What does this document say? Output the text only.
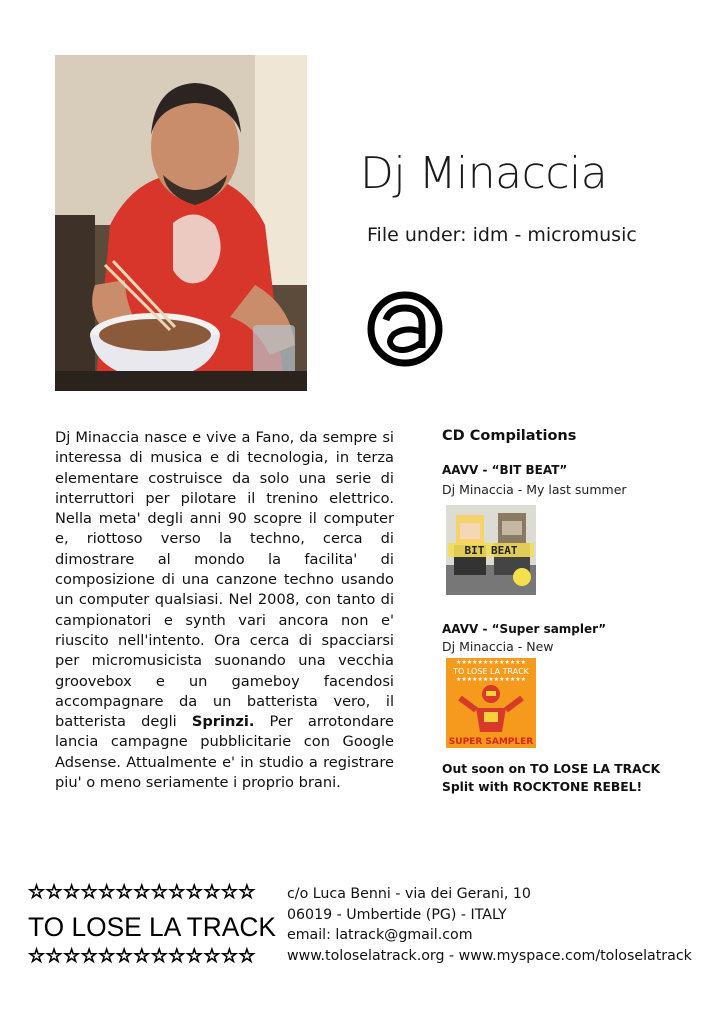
Dj Minaccia
File under: idm - micromusic
Dj Minaccia nasce e vive a Fano, da sempre si interessa di musica e di tecnologia, in terza elementare costruisce da solo una serie di interruttori per pilotare il trenino elettrico. Nella meta' degli anni 90 scopre il computer e, riottoso verso la techno, cerca di dimostrare al mondo la facilita' di composizione di una canzone techno usando un computer qualsiasi. Nel 2008, con tanto di campionatori e synth vari ancora non e' riuscito nell'intento. Ora cerca di spacciarsi per micromusicista suonando una vecchia groovebox e un gameboy facendosi accompagnare da un batterista vero, il batterista degli Sprinzi. Per arrotondare lancia campagne pubblicitarie con Google Adsense. Attualmente e' in studio a registrare piu' o meno seriamente i proprio brani.
CD Compilations
AAVV - “BIT BEAT”
Dj Minaccia - My last summer
BIT BEAT
AAVV - “Super sampler”
Dj Minaccia - New
★★★★★★★★★★★★★
TO LOSE LA TRACK
★★★★★★★★★★★★★
SUPER SAMPLER
Out soon on TO LOSE LA TRACK
Split with ROCKTONE REBEL!
☆☆☆☆☆☆☆☆☆☆☆☆☆
TO LOSE LA TRACK
☆☆☆☆☆☆☆☆☆☆☆☆☆
c/o Luca Benni - via dei Gerani, 10
06019 - Umbertide (PG) - ITALY
email: latrack@gmail.com
www.toloselatrack.org - www.myspace.com/toloselatrack
